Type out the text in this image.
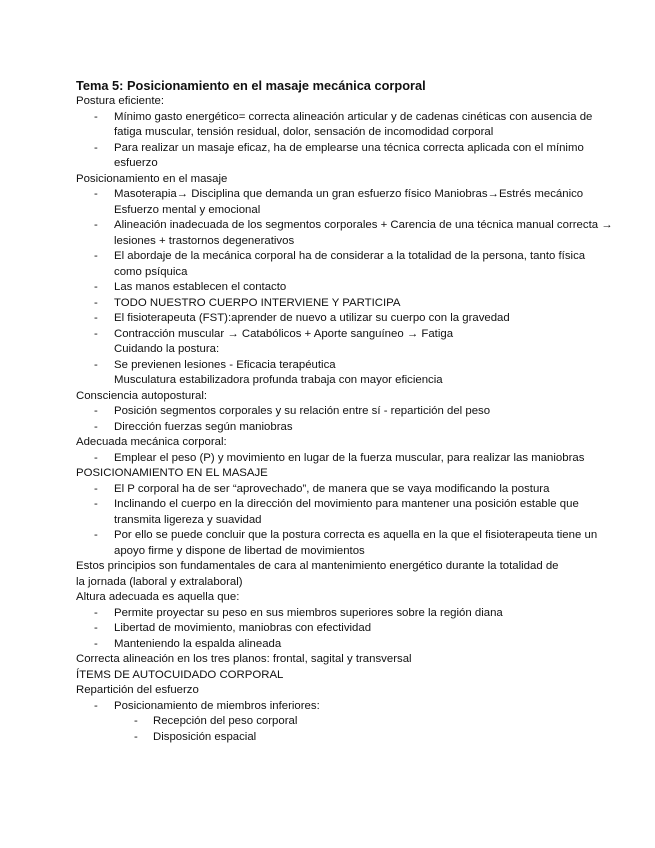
Tema 5: Posicionamiento en el masaje mecánica corporal

Postura eficiente:

- Mínimo gasto energético= correcta alineación articular y de cadenas cinéticas con ausencia de fatiga muscular, tensión residual, dolor, sensación de incomodidad corporal
- Para realizar un masaje eficaz, ha de emplearse una técnica correcta aplicada con el mínimo esfuerzo

Posicionamiento en el masaje

- Masoterapia→ Disciplina que demanda un gran esfuerzo físico Maniobras→Estrés mecánico Esfuerzo mental y emocional
- Alineación inadecuada de los segmentos corporales + Carencia de una técnica manual correcta → lesiones + trastornos degenerativos
- El abordaje de la mecánica corporal ha de considerar a la totalidad de la persona, tanto física como psíquica
- Las manos establecen el contacto
- TODO NUESTRO CUERPO INTERVIENE Y PARTICIPA
- El fisioterapeuta (FST):aprender de nuevo a utilizar su cuerpo con la gravedad
- Contracción muscular → Catabólicos + Aporte sanguíneo → Fatiga
Cuidando la postura:
- Se previenen lesiones - Eficacia terapéutica
Musculatura estabilizadora profunda trabaja con mayor eficiencia

Consciencia autopostural:

- Posición segmentos corporales y su relación entre sí - repartición del peso
- Dirección fuerzas según maniobras

Adecuada mecánica corporal:

- Emplear el peso (P) y movimiento en lugar de la fuerza muscular, para realizar las maniobras

POSICIONAMIENTO EN EL MASAJE

- El P corporal ha de ser “aprovechado”, de manera que se vaya modificando la postura
- Inclinando el cuerpo en la dirección del movimiento para mantener una posición estable que transmita ligereza y suavidad
- Por ello se puede concluir que la postura correcta es aquella en la que el fisioterapeuta tiene un apoyo firme y dispone de libertad de movimientos

Estos principios son fundamentales de cara al mantenimiento energético durante la totalidad de

la jornada (laboral y extralaboral)

Altura adecuada es aquella que:

- Permite proyectar su peso en sus miembros superiores sobre la región diana
- Libertad de movimiento, maniobras con efectividad
- Manteniendo la espalda alineada

Correcta alineación en los tres planos: frontal, sagital y transversal

ÍTEMS DE AUTOCUIDADO CORPORAL

Repartición del esfuerzo

- Posicionamiento de miembros inferiores:
- Recepción del peso corporal
- Disposición espacial
